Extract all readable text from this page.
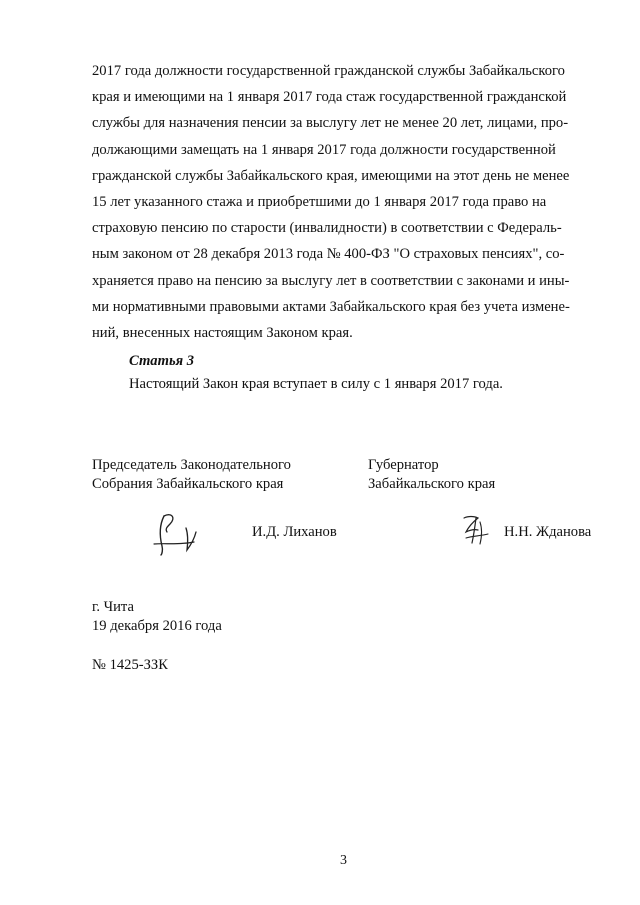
2017 года должности государственной гражданской службы Забайкальского

края и имеющими на 1 января 2017 года стаж государственной гражданской

службы для назначения пенсии за выслугу лет не менее 20 лет, лицами, про-

должающими замещать на 1 января 2017 года должности государственной

гражданской службы Забайкальского края, имеющими на этот день не менее

15 лет указанного стажа и приобретшими до 1 января 2017 года право на

страховую пенсию по старости (инвалидности) в соответствии с Федераль-

ным законом от 28 декабря 2013 года № 400-ФЗ "О страховых пенсиях", со-

храняется право на пенсию за выслугу лет в соответствии с законами и ины-

ми нормативными правовыми актами Забайкальского края без учета измене-

ний, внесенных настоящим Законом края.

Статья 3
Настоящий Закон края вступает в силу с 1 января 2017 года.
Председатель Законодательного
Собрания Забайкальского края
Губернатор
Забайкальского края
И.Д. Лиханов	Н.Н. Жданова
г. Чита
19 декабря 2016 года
№ 1425-ЗЗК
3
